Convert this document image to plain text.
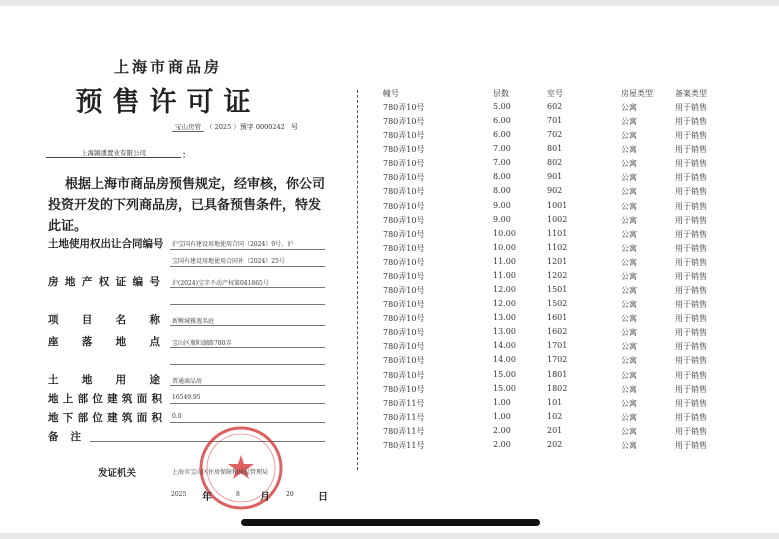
上海市商品房
预售许可证
宝山房管 （ 2025 ）预字 0000242 号
上海頴潘置业有限公司	：
根据上海市商品房预售规定，经审核，你公司投资开发的下列商品房，已具备预售条件，特发此证。
土地使用权出让合同编号 沪宝国有建设用地使用合同（2024）9号、沪
宝国有建设用地使用合同补（2024）25号
房地产权证编号 沪(2024)宝字不动产权第041865号
项目名称 新晰城雅逸名庭
座落地点 宝山区瓶阳湖路780弄
土地用途 普通商品房
地上部位建筑面积 16549.95
地下部位建筑面积 0.0
备注
发证机关	上海市宝山区住房保障和房屋管理局
2025 年	8 月	20 日
幢号	层数	室号	房屋类型	备案类型
780弄10号	5.00	602	公寓	用于销售
780弄10号	6.00	701	公寓	用于销售
780弄10号	6.00	702	公寓	用于销售
780弄10号	7.00	801	公寓	用于销售
780弄10号	7.00	802	公寓	用于销售
780弄10号	8.00	901	公寓	用于销售
780弄10号	8.00	902	公寓	用于销售
780弄10号	9.00	1001	公寓	用于销售
780弄10号	9.00	1002	公寓	用于销售
780弄10号	10.00	1101	公寓	用于销售
780弄10号	10.00	1102	公寓	用于销售
780弄10号	11.00	1201	公寓	用于销售
780弄10号	11.00	1202	公寓	用于销售
780弄10号	12.00	1501	公寓	用于销售
780弄10号	12.00	1502	公寓	用于销售
780弄10号	13.00	1601	公寓	用于销售
780弄10号	13.00	1602	公寓	用于销售
780弄10号	14.00	1701	公寓	用于销售
780弄10号	14.00	1702	公寓	用于销售
780弄10号	15.00	1801	公寓	用于销售
780弄10号	15.00	1802	公寓	用于销售
780弄11号	1.00	101	公寓	用于销售
780弄11号	1.00	102	公寓	用于销售
780弄11号	2.00	201	公寓	用于销售
780弄11号	2.00	202	公寓	用于销售
